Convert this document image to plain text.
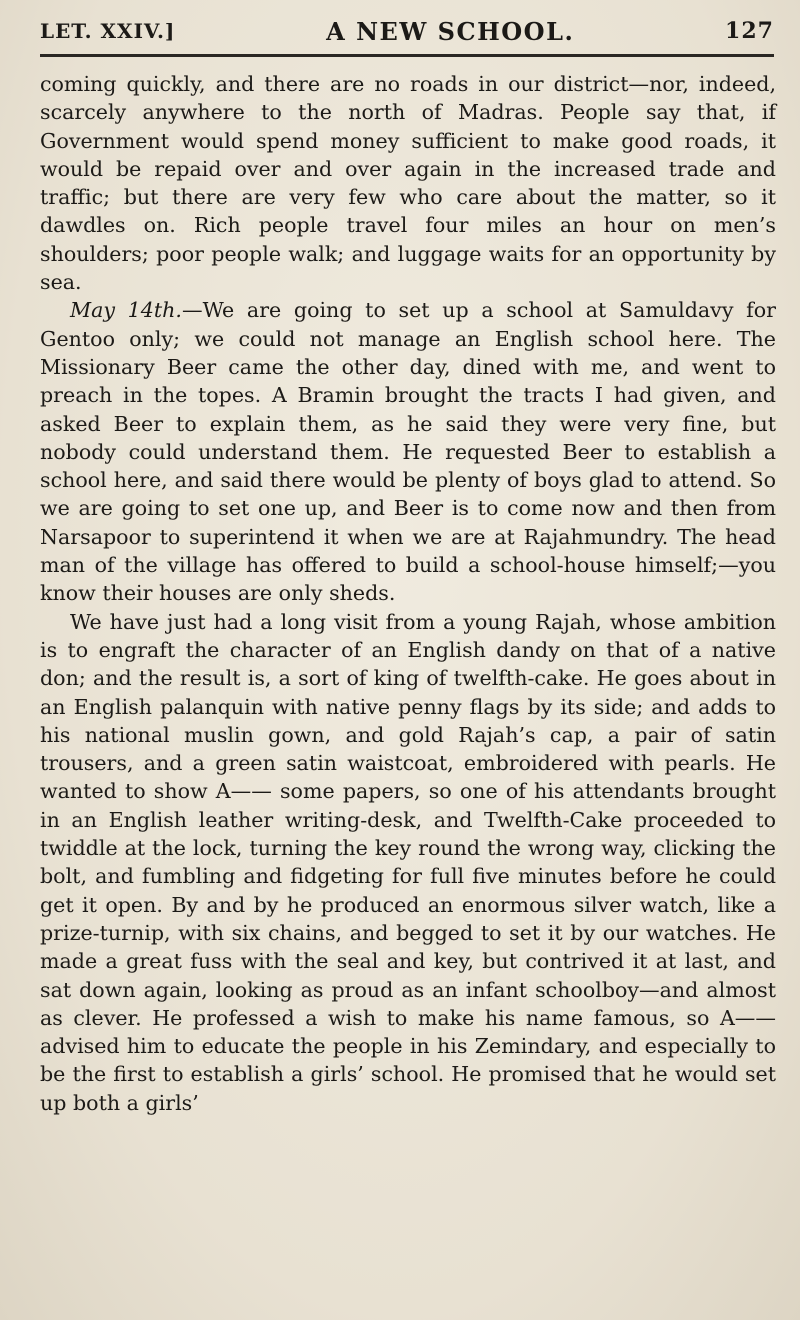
LET. XXIV.]	A NEW SCHOOL.	127

coming quickly, and there are no roads in our district—nor, indeed, scarcely anywhere to the north of Madras. People say that, if Government would spend money sufficient to make good roads, it would be repaid over and over again in the increased trade and traffic; but there are very few who care about the matter, so it dawdles on. Rich people travel four miles an hour on men’s shoulders; poor people walk; and luggage waits for an opportunity by sea.

May 14th.—We are going to set up a school at Samuldavy for Gentoo only; we could not manage an English school here. The Missionary Beer came the other day, dined with me, and went to preach in the topes. A Bramin brought the tracts I had given, and asked Beer to explain them, as he said they were very fine, but nobody could understand them. He requested Beer to establish a school here, and said there would be plenty of boys glad to attend. So we are going to set one up, and Beer is to come now and then from Narsapoor to superintend it when we are at Rajahmundry. The head man of the village has offered to build a school-house himself;—you know their houses are only sheds.

We have just had a long visit from a young Rajah, whose ambition is to engraft the character of an English dandy on that of a native don; and the result is, a sort of king of twelfth-cake. He goes about in an English palanquin with native penny flags by its side; and adds to his national muslin gown, and gold Rajah’s cap, a pair of satin trousers, and a green satin waistcoat, embroidered with pearls. He wanted to show A—— some papers, so one of his attendants brought in an English leather writing-desk, and Twelfth-Cake proceeded to twiddle at the lock, turning the key round the wrong way, clicking the bolt, and fumbling and fidgeting for full five minutes before he could get it open. By and by he produced an enormous silver watch, like a prize-turnip, with six chains, and begged to set it by our watches. He made a great fuss with the seal and key, but contrived it at last, and sat down again, looking as proud as an infant schoolboy—and almost as clever. He professed a wish to make his name famous, so A—— advised him to educate the people in his Zemindary, and especially to be the first to establish a girls’ school. He promised that he would set up both a girls’
